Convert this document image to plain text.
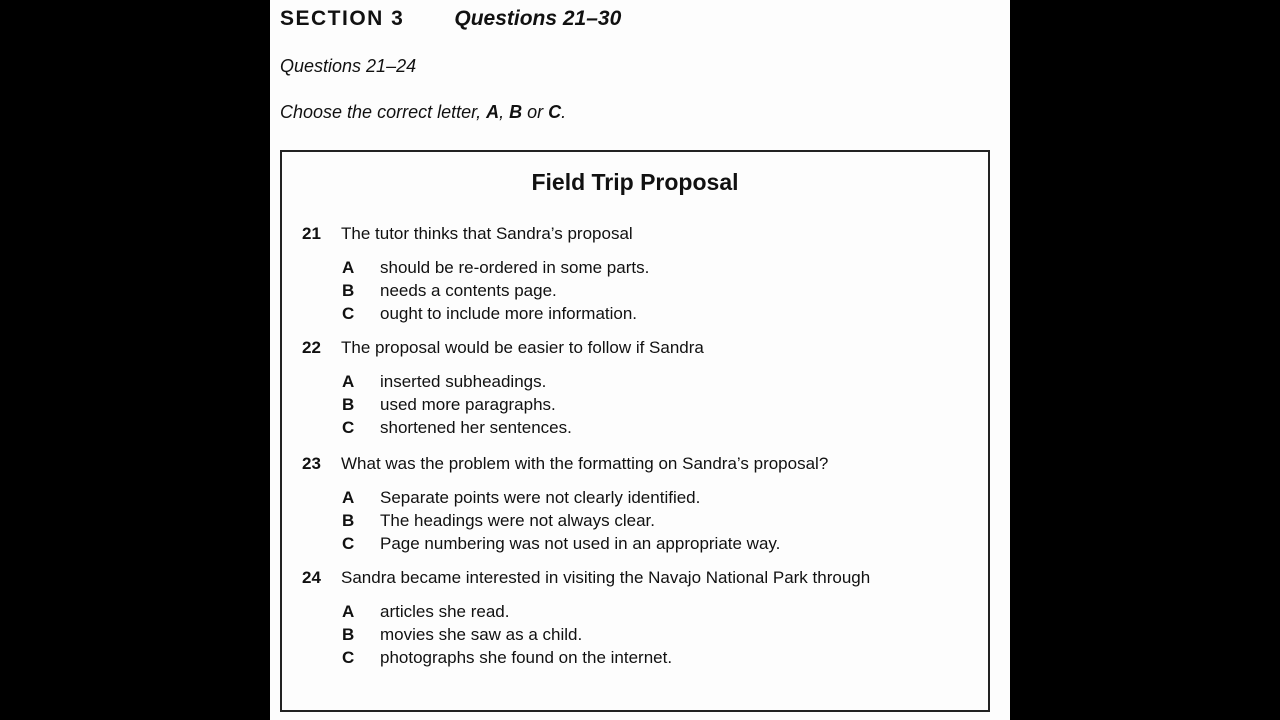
SECTION 3 Questions 21–30
Questions 21–24
Choose the correct letter, A, B or C.
Field Trip Proposal
21 The tutor thinks that Sandra’s proposal
A should be re-ordered in some parts.
B needs a contents page.
C ought to include more information.
22 The proposal would be easier to follow if Sandra
A inserted subheadings.
B used more paragraphs.
C shortened her sentences.
23 What was the problem with the formatting on Sandra’s proposal?
A Separate points were not clearly identified.
B The headings were not always clear.
C Page numbering was not used in an appropriate way.
24 Sandra became interested in visiting the Navajo National Park through
A articles she read.
B movies she saw as a child.
C photographs she found on the internet.
